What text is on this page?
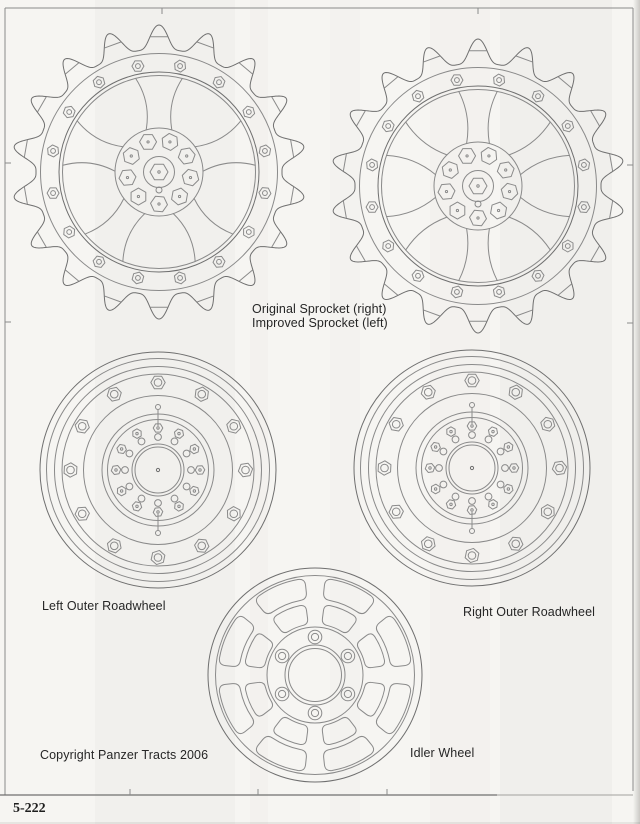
Original Sprocket (right)
Improved Sprocket (left)
Left Outer Roadwheel	Right Outer Roadwheel
Copyright Panzer Tracts 2006	Idler Wheel
5-222
